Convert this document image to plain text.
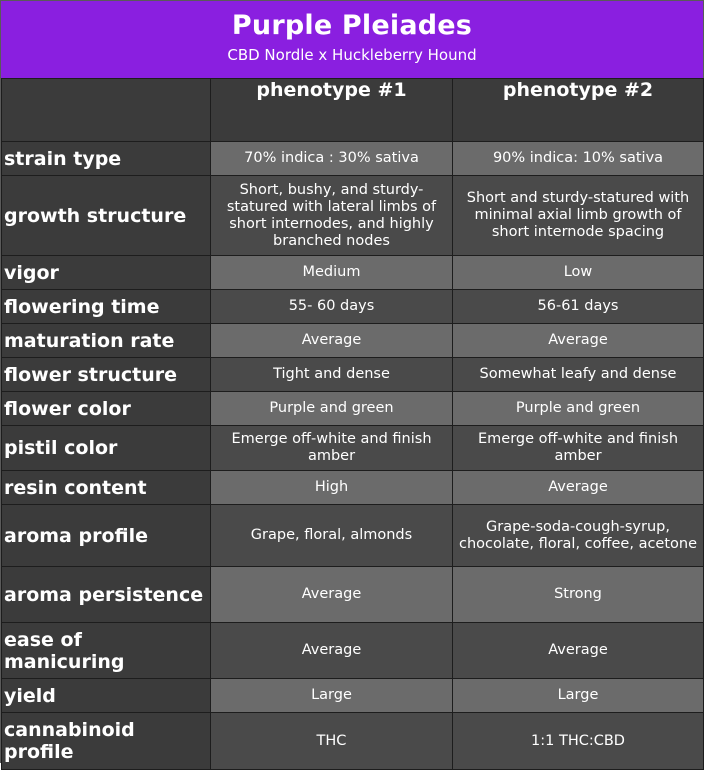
Purple Pleiades
CBD Nordle x Huckleberry Hound
	phenotype #1	phenotype #2
strain type	70% indica : 30% sativa	90% indica: 10% sativa
growth structure	Short, bushy, and sturdy-statured with lateral limbs of short internodes, and highly branched nodes	Short and sturdy-statured with minimal axial limb growth of short internode spacing
vigor	Medium	Low
flowering time	55- 60 days	56-61 days
maturation rate	Average	Average
flower structure	Tight and dense	Somewhat leafy and dense
flower color	Purple and green	Purple and green
pistil color	Emerge off-white and finish amber	Emerge off-white and finish amber
resin content	High	Average
aroma profile	Grape, floral, almonds	Grape-soda-cough-syrup, chocolate, floral, coffee, acetone
aroma persistence	Average	Strong
ease of manicuring	Average	Average
yield	Large	Large
cannabinoid profile	THC	1:1 THC:CBD
